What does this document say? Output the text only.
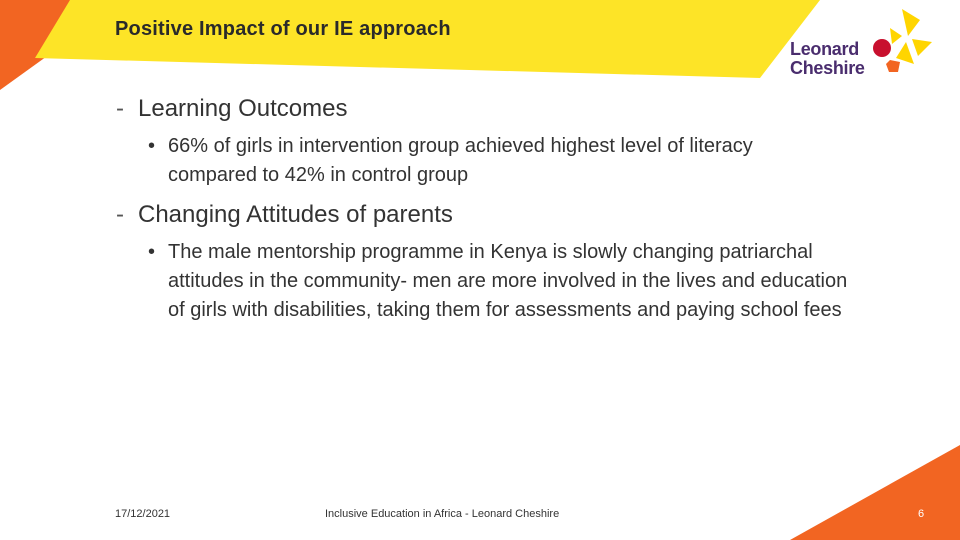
Positive Impact of our IE approach
Leonard
Cheshire
- Learning Outcomes
• 66% of girls in intervention group achieved highest level of literacy compared to 42% in control group
- Changing Attitudes of parents
• The male mentorship programme in Kenya is slowly changing patriarchal attitudes in the community- men are more involved in the lives and education of girls with disabilities, taking them for assessments and paying school fees
17/12/2021	Inclusive Education in Africa - Leonard Cheshire	6
